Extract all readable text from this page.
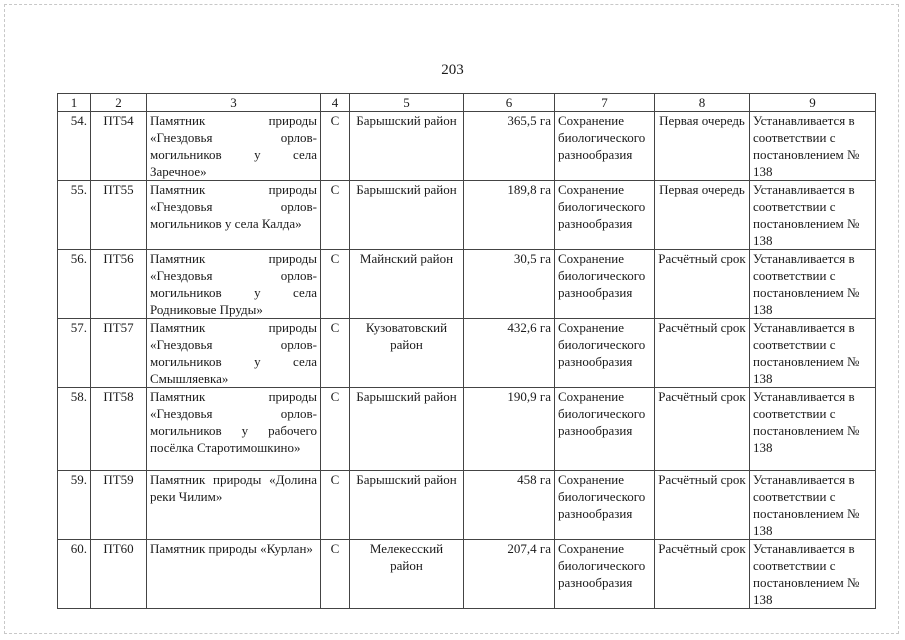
203
1	2	3	4	5	6	7	8	9
54.	ПТ54	Памятник природы «Гнездовья орлов-могильников у села Заречное»	С	Барышский район	365,5 га	Сохранение биологического разнообразия	Первая очередь	Устанавливается в соответствии с постановлением № 138
55.	ПТ55	Памятник природы «Гнездовья орлов-могильников у села Калда»	С	Барышский район	189,8 га	Сохранение биологического разнообразия	Первая очередь	Устанавливается в соответствии с постановлением № 138
56.	ПТ56	Памятник природы «Гнездовья орлов-могильников у села Родниковые Пруды»	С	Майнский район	30,5 га	Сохранение биологического разнообразия	Расчётный срок	Устанавливается в соответствии с постановлением № 138
57.	ПТ57	Памятник природы «Гнездовья орлов-могильников у села Смышляевка»	С	Кузоватовский район	432,6 га	Сохранение биологического разнообразия	Расчётный срок	Устанавливается в соответствии с постановлением № 138
58.	ПТ58	Памятник природы «Гнездовья орлов-могильников у рабочего посёлка Старотимошкино»	С	Барышский район	190,9 га	Сохранение биологического разнообразия	Расчётный срок	Устанавливается в соответствии с постановлением № 138
59.	ПТ59	Памятник природы «Долина реки Чилим»	С	Барышский район	458 га	Сохранение биологического разнообразия	Расчётный срок	Устанавливается в соответствии с постановлением № 138
60.	ПТ60	Памятник природы «Курлан»	С	Мелекесский район	207,4 га	Сохранение биологического разнообразия	Расчётный срок	Устанавливается в соответствии с постановлением № 138
